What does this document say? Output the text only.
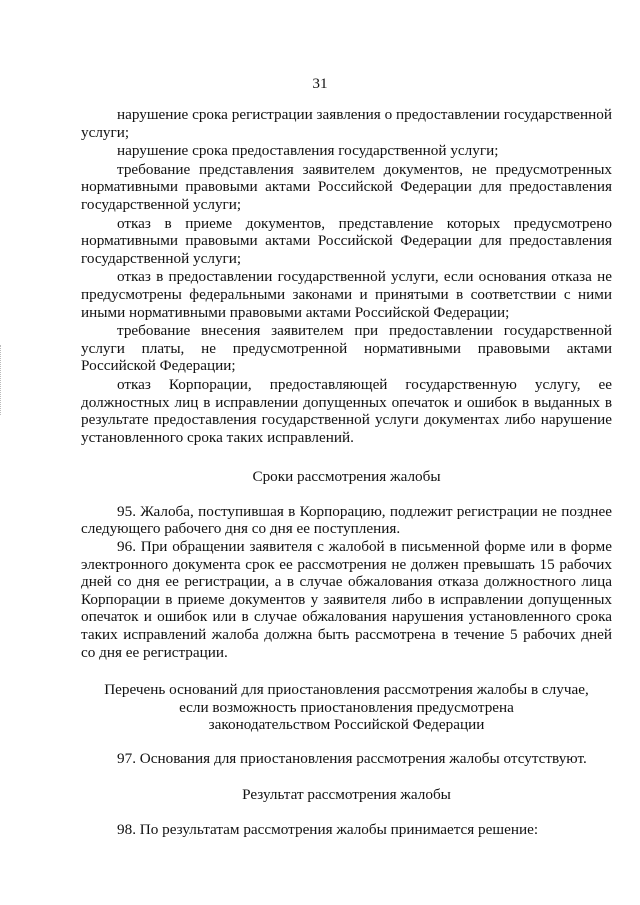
31

нарушение срока регистрации заявления о предоставлении государственной услуги;

нарушение срока предоставления государственной услуги;

требование представления заявителем документов, не предусмотренных нормативными правовыми актами Российской Федерации для предоставления государственной услуги;

отказ в приеме документов, представление которых предусмотрено нормативными правовыми актами Российской Федерации для предоставления государственной услуги;

отказ в предоставлении государственной услуги, если основания отказа не предусмотрены федеральными законами и принятыми в соответствии с ними иными нормативными правовыми актами Российской Федерации;

требование внесения заявителем при предоставлении государственной услуги платы, не предусмотренной нормативными правовыми актами Российской Федерации;

отказ Корпорации, предоставляющей государственную услугу, ее должностных лиц в исправлении допущенных опечаток и ошибок в выданных в результате предоставления государственной услуги документах либо нарушение установленного срока таких исправлений.

Сроки рассмотрения жалобы

95. Жалоба, поступившая в Корпорацию, подлежит регистрации не позднее следующего рабочего дня со дня ее поступления.

96. При обращении заявителя с жалобой в письменной форме или в форме электронного документа срок ее рассмотрения не должен превышать 15 рабочих дней со дня ее регистрации, а в случае обжалования отказа должностного лица Корпорации в приеме документов у заявителя либо в исправлении допущенных опечаток и ошибок или в случае обжалования нарушения установленного срока таких исправлений жалоба должна быть рассмотрена в течение 5 рабочих дней со дня ее регистрации.

Перечень оснований для приостановления рассмотрения жалобы в случае,
если возможность приостановления предусмотрена
законодательством Российской Федерации

97. Основания для приостановления рассмотрения жалобы отсутствуют.

Результат рассмотрения жалобы

98. По результатам рассмотрения жалобы принимается решение:
